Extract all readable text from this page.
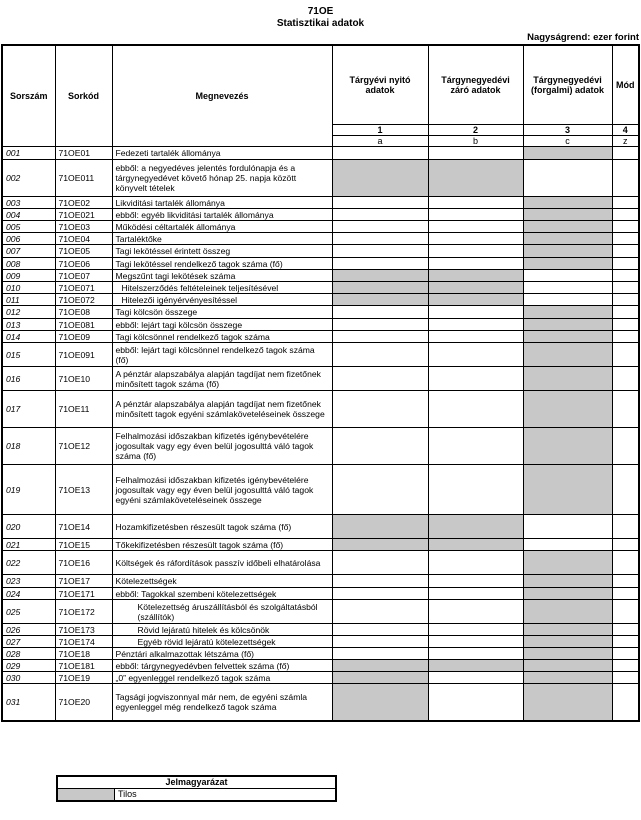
71OE
Statisztikai adatok
Nagyságrend: ezer forint
Sorszám	Sorkód	Megnevezés	Tárgyévi nyitó adatok	Tárgynegyedévi záró adatok	Tárgynegyedévi (forgalmi) adatok	Mód
			1	2	3	4
			a	b	c	z
001	71OE01	Fedezeti tartalék állománya				
002	71OE011	ebből: a negyedéves jelentés fordulónapja és a tárgynegyedévet követő hónap 25. napja között könyvelt tételek				
003	71OE02	Likviditási tartalék állománya				
004	71OE021	ebből: egyéb likviditási tartalék állománya				
005	71OE03	Működési céltartalék állománya				
006	71OE04	Tartaléktőke				
007	71OE05	Tagi lekötéssel érintett összeg				
008	71OE06	Tagi lekötéssel rendelkező tagok száma (fő)				
009	71OE07	Megszűnt tagi lekötések száma				
010	71OE071	Hitelszerződés feltételeinek teljesítésével				
011	71OE072	Hitelezői igényérvényesítéssel				
012	71OE08	Tagi kölcsön összege				
013	71OE081	ebből: lejárt tagi kölcsön összege				
014	71OE09	Tagi kölcsönnel rendelkező tagok száma				
015	71OE091	ebből: lejárt tagi kölcsönnel rendelkező tagok száma (fő)				
016	71OE10	A pénztár alapszabálya alapján tagdíjat nem fizetőnek minősített tagok száma (fő)				
017	71OE11	A pénztár alapszabálya alapján tagdíjat nem fizetőnek minősített tagok egyéni számlaköveteléseinek összege				
018	71OE12	Felhalmozási időszakban kifizetés igénybevételére jogosultak vagy egy éven belül jogosulttá váló tagok száma (fő)				
019	71OE13	Felhalmozási időszakban kifizetés igénybevételére jogosultak vagy egy éven belül jogosulttá váló tagok egyéni számlaköveteléseinek összege				
020	71OE14	Hozamkifizetésben részesült tagok száma (fő)				
021	71OE15	Tőkekifizetésben részesült tagok száma (fő)				
022	71OE16	Költségek és ráfordítások passzív időbeli elhatárolása				
023	71OE17	Kötelezettségek				
024	71OE171	ebből: Tagokkal szembeni kötelezettségek				
025	71OE172	Kötelezettség áruszállításból és szolgáltatásból (szállítók)				
026	71OE173	Rövid lejáratú hitelek és kölcsönök				
027	71OE174	Egyéb rövid lejáratú kötelezettségek				
028	71OE18	Pénztári alkalmazottak létszáma (fő)				
029	71OE181	ebből: tárgynegyedévben felvettek száma (fő)				
030	71OE19	„0” egyenleggel rendelkező tagok száma				
031	71OE20	Tagsági jogviszonnyal már nem, de egyéni számla egyenleggel még rendelkező tagok száma				
Jelmagyarázat
	Tilos
